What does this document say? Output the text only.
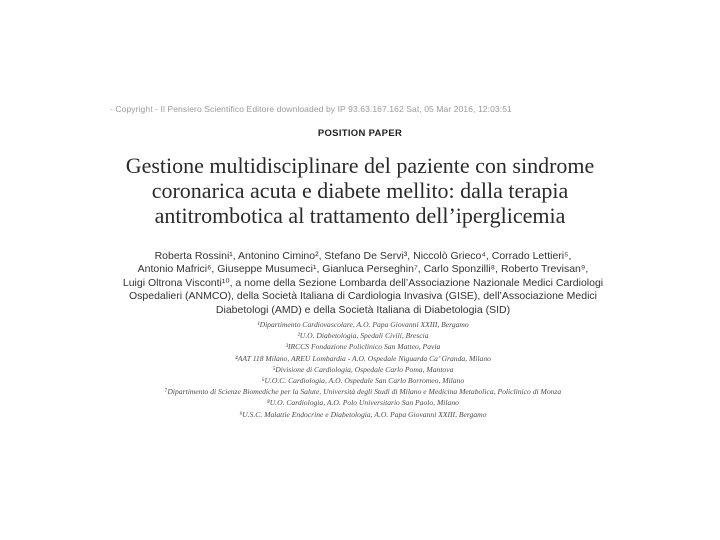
- Copyright - Il Pensiero Scientifico Editore downloaded by IP 93.63.167.162 Sat, 05 Mar 2016, 12:03:51
POSITION PAPER
Gestione multidisciplinare del paziente con sindrome
coronarica acuta e diabete mellito: dalla terapia
antitrombotica al trattamento dell’iperglicemia

Roberta Rossini¹, Antonino Cimino², Stefano De Servi³, Niccolò Grieco⁴, Corrado Lettieri⁵,
Antonio Mafrici⁶, Giuseppe Musumeci¹, Gianluca Perseghin⁷, Carlo Sponzilli⁸, Roberto Trevisan⁹,
Luigi Oltrona Visconti¹⁰, a nome della Sezione Lombarda dell’Associazione Nazionale Medici Cardiologi
Ospedalieri (ANMCO), della Società Italiana di Cardiologia Invasiva (GISE), dell’Associazione Medici
Diabetologi (AMD) e della Società Italiana di Diabetologia (SID)

¹Dipartimento Cardiovascolare, A.O. Papa Giovanni XXIII, Bergamo
²U.O. Diabetologia, Spedali Civili, Brescia
³IRCCS Fondazione Policlinico San Matteo, Pavia
⁴AAT 118 Milano, AREU Lombardia - A.O. Ospedale Niguarda Ca’ Granda, Milano
⁵Divisione di Cardiologia, Ospedale Carlo Poma, Mantova
⁶U.O.C. Cardiologia, A.O. Ospedale San Carlo Borromeo, Milano
⁷Dipartimento di Scienze Biomediche per la Salute, Università degli Studi di Milano e Medicina Metabolica, Policlinico di Monza
⁸U.O. Cardiologia, A.O. Polo Universitario San Paolo, Milano
⁹U.S.C. Malattie Endocrine e Diabetologia, A.O. Papa Giovanni XXIII, Bergamo
